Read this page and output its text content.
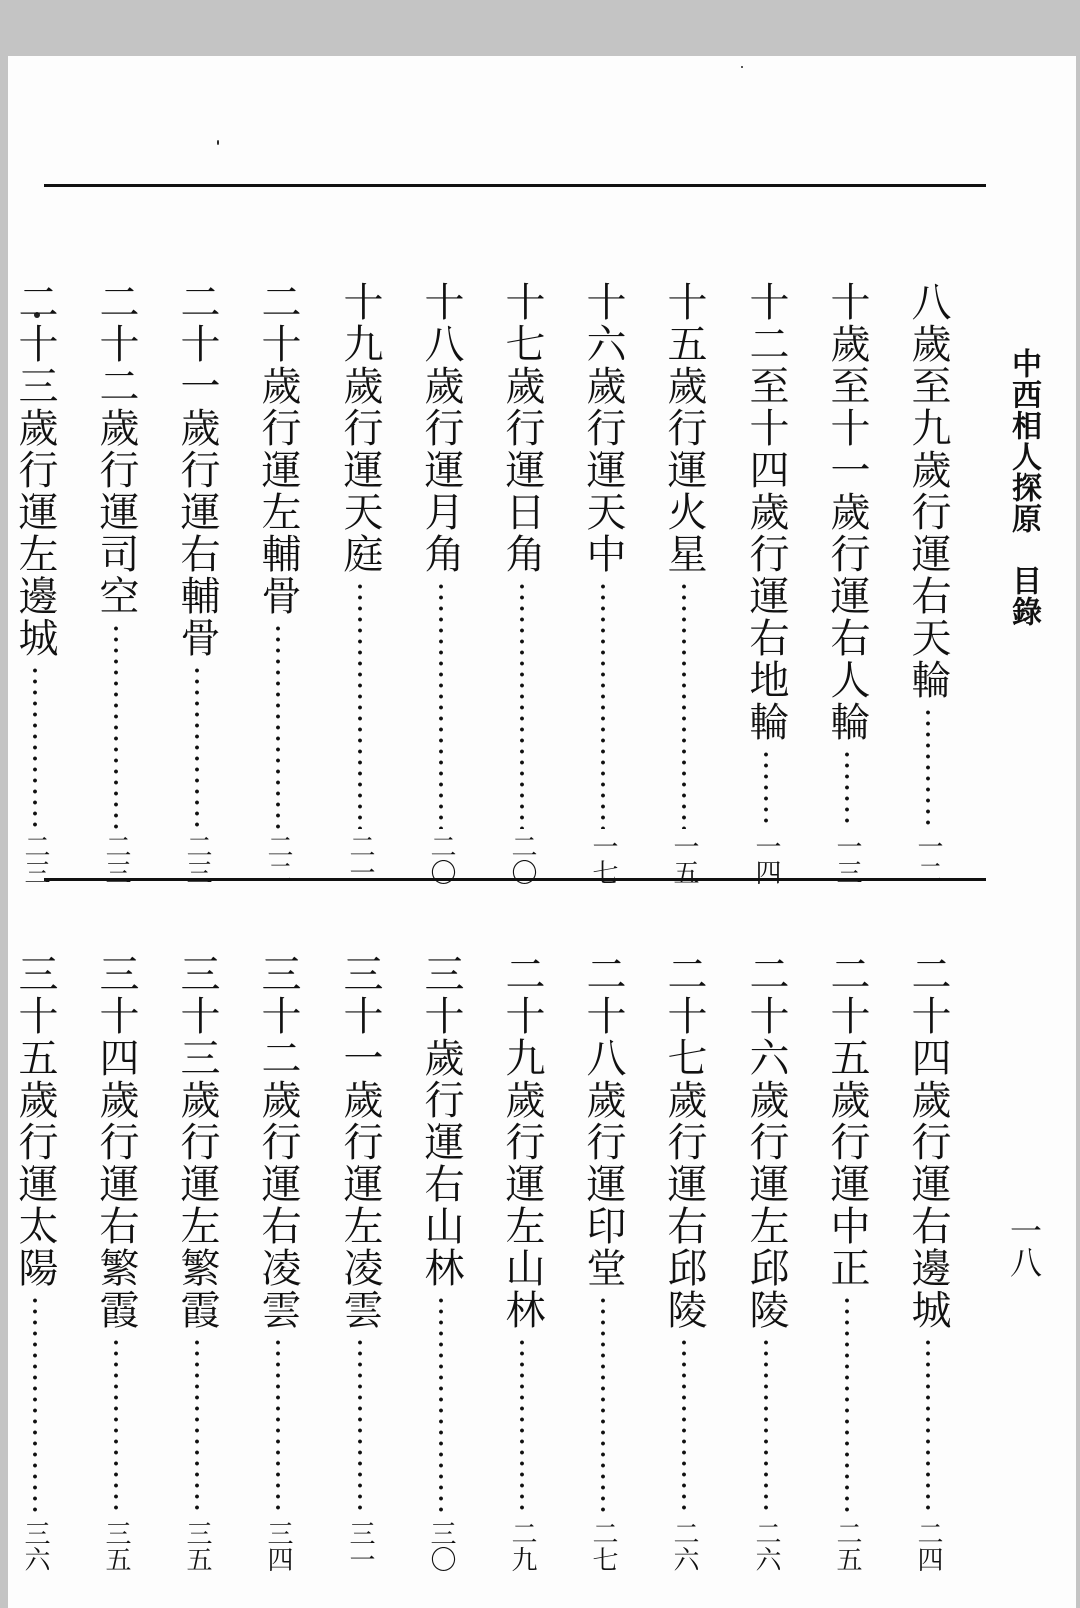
中西相人探原　目錄
一八
八歲至九歲行運右天輪
一二
十歲至十一歲行運右人輪
一三
十二至十四歲行運右地輪
一四
十五歲行運火星
一五
十六歲行運天中
一七
十七歲行運日角
二〇
十八歲行運月角
二〇
十九歲行運天庭
二一
二十歲行運左輔骨
二二
二十一歲行運右輔骨
二三
二十二歲行運司空
二三
二十三歲行運左邊城
二三
二十四歲行運右邊城
二四
二十五歲行運中正
二五
二十六歲行運左邱陵
二六
二十七歲行運右邱陵
二六
二十八歲行運印堂
二七
二十九歲行運左山林
二九
三十歲行運右山林
三〇
三十一歲行運左凌雲
三一
三十二歲行運右凌雲
三四
三十三歲行運左繁霞
三五
三十四歲行運右繁霞
三五
三十五歲行運太陽
三六
